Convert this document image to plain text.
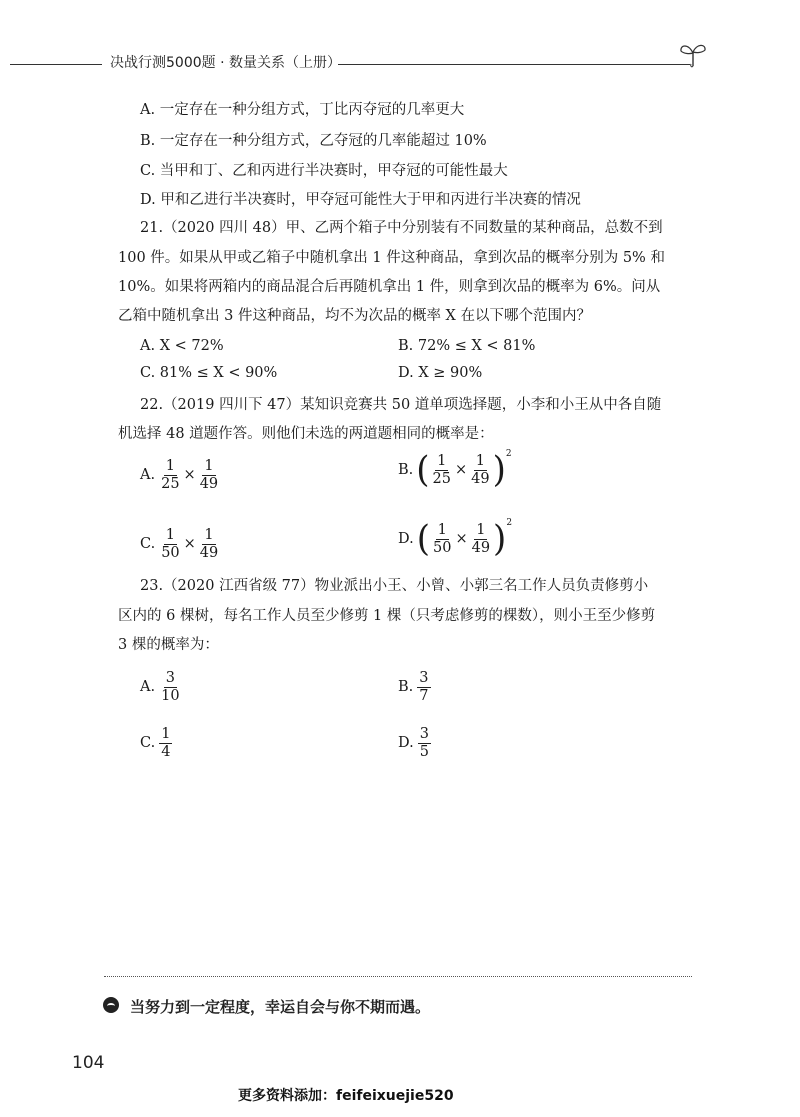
决战行测5000题 · 数量关系（上册）
A. 一定存在一种分组方式，丁比丙夺冠的几率更大
B. 一定存在一种分组方式，乙夺冠的几率能超过 10%
C. 当甲和丁、乙和丙进行半决赛时，甲夺冠的可能性最大
D. 甲和乙进行半决赛时，甲夺冠可能性大于甲和丙进行半决赛的情况
21.（2020 四川 48）甲、乙两个箱子中分别装有不同数量的某种商品，总数不到
100 件。如果从甲或乙箱子中随机拿出 1 件这种商品，拿到次品的概率分别为 5% 和
10%。如果将两箱内的商品混合后再随机拿出 1 件，则拿到次品的概率为 6%。问从
乙箱中随机拿出 3 件这种商品，均不为次品的概率 X 在以下哪个范围内？
A. X < 72%	B. 72% ≤ X < 81%
C. 81% ≤ X < 90%	D. X ≥ 90%
22.（2019 四川下 47）某知识竞赛共 50 道单项选择题，小李和小王从中各自随
机选择 48 道题作答。则他们未选的两道题相同的概率是：
A. $\frac{1}{25} \times \frac{1}{49}$	B. ( $\frac{1}{25} \times \frac{1}{49}$ ) 2
C. $\frac{1}{50} \times \frac{1}{49}$	D. ( $\frac{1}{50} \times \frac{1}{49}$ ) 2
23.（2020 江西省级 77）物业派出小王、小曾、小郭三名工作人员负责修剪小
区内的 6 棵树，每名工作人员至少修剪 1 棵（只考虑修剪的棵数），则小王至少修剪
3 棵的概率为：
A. $\frac{3}{10}$	B. $\frac{3}{7}$
C. $\frac{1}{4}$	D. $\frac{3}{5}$
当努力到一定程度，幸运自会与你不期而遇。
104
更多资料添加：feifeixuejie520
